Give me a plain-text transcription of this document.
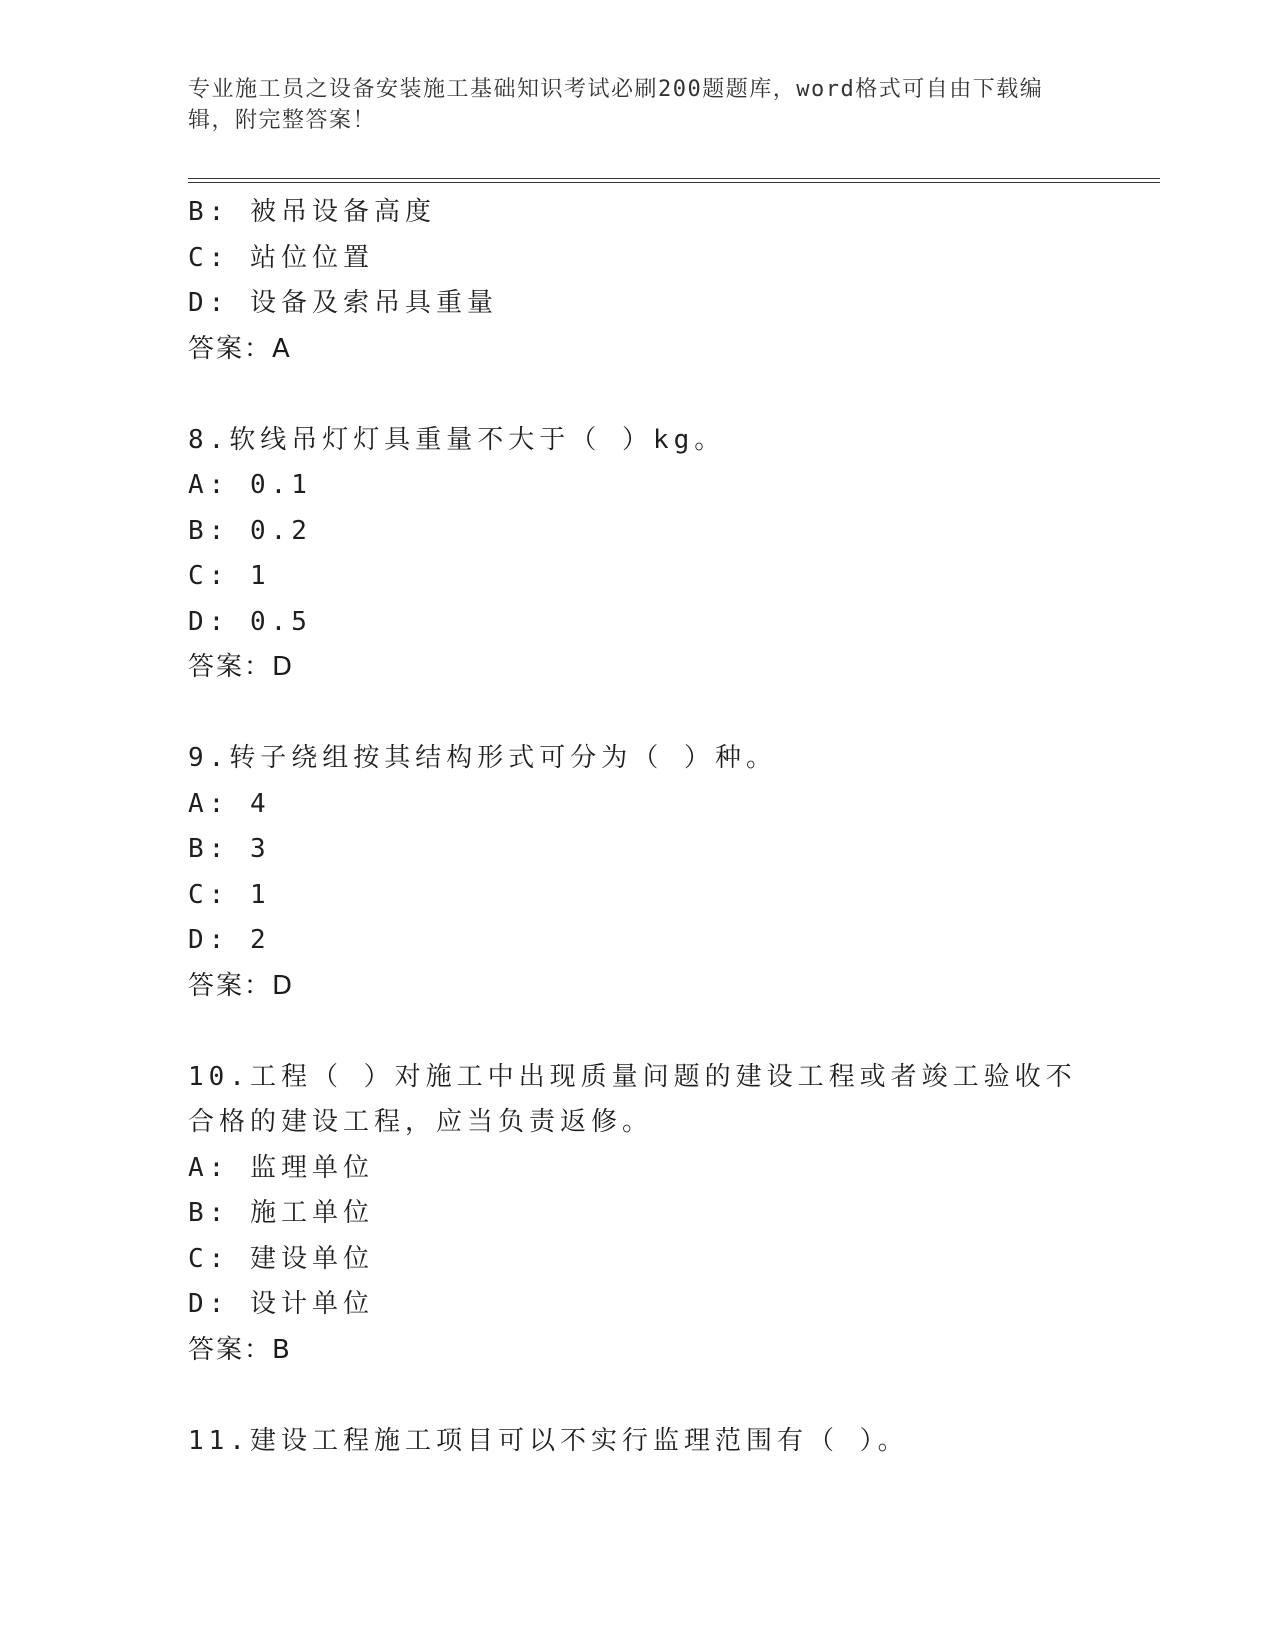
专业施工员之设备安装施工基础知识考试必刷200题题库，word格式可自由下载编辑，附完整答案！
B: 被吊设备高度
C: 站位位置
D: 设备及索吊具重量
答案：A
8.软线吊灯灯具重量不大于（ ）kg。
A: 0.1
B: 0.2
C: 1
D: 0.5
答案：D
9.转子绕组按其结构形式可分为（ ）种。
A: 4
B: 3
C: 1
D: 2
答案：D
10.工程（ ）对施工中出现质量问题的建设工程或者竣工验收不合格的建设工程，应当负责返修。
A: 监理单位
B: 施工单位
C: 建设单位
D: 设计单位
答案：B
11.建设工程施工项目可以不实行监理范围有（ ）。
